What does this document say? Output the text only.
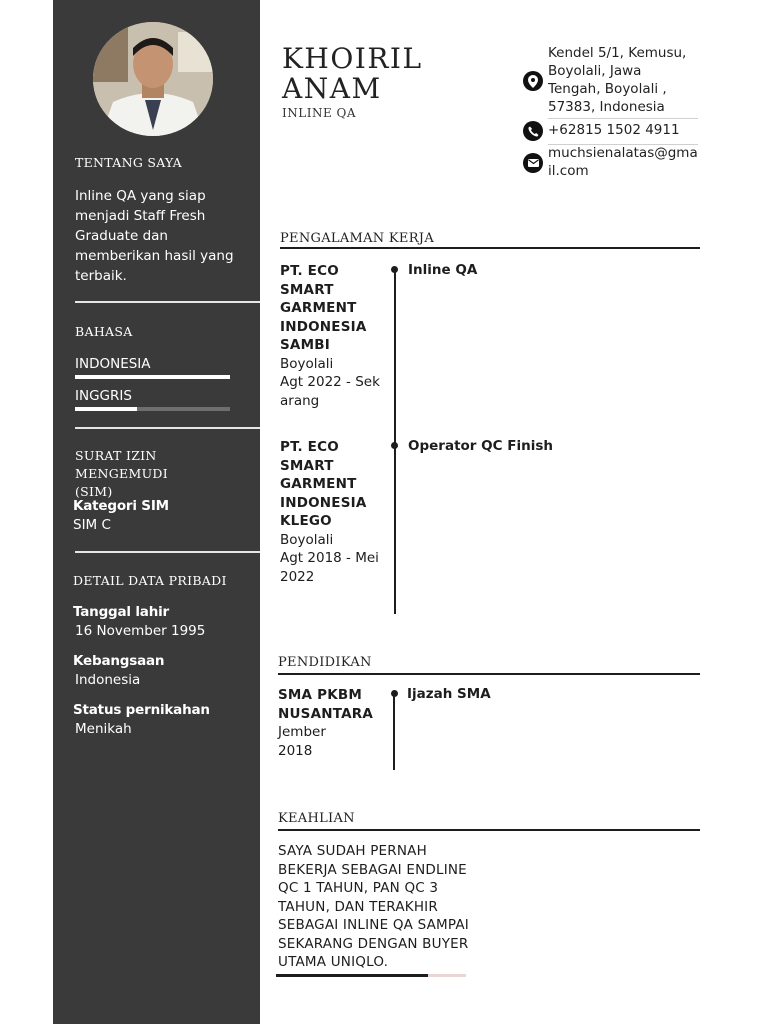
TENTANG SAYA
Inline QA yang siap menjadi Staff Fresh Graduate dan memberikan hasil yang terbaik.
BAHASA
INDONESIA
INGGRIS
SURAT IZIN MENGEMUDI (SIM)
Kategori SIM
SIM C
DETAIL DATA PRIBADI
Tanggal lahir
16 November 1995
Kebangsaan
Indonesia
Status pernikahan
Menikah
KHOIRIL
ANAM
INLINE QA
Kendel 5/1, Kemusu, Boyolali, Jawa Tengah, Boyolali , 57383, Indonesia
+62815 1502 4911
muchsienalatas@gmail.com
PENGALAMAN KERJA
PT. ECO SMART GARMENT INDONESIA SAMBI
Boyolali
Agt 2022 - Sekarang
Inline QA
PT. ECO SMART GARMENT INDONESIA KLEGO
Boyolali
Agt 2018 - Mei 2022
Operator QC Finish
PENDIDIKAN
SMA PKBM NUSANTARA
Jember
2018
Ijazah SMA
KEAHLIAN
SAYA SUDAH PERNAH BEKERJA SEBAGAI ENDLINE QC 1 TAHUN, PAN QC 3 TAHUN, DAN TERAKHIR SEBAGAI INLINE QA SAMPAI SEKARANG DENGAN BUYER UTAMA UNIQLO.
